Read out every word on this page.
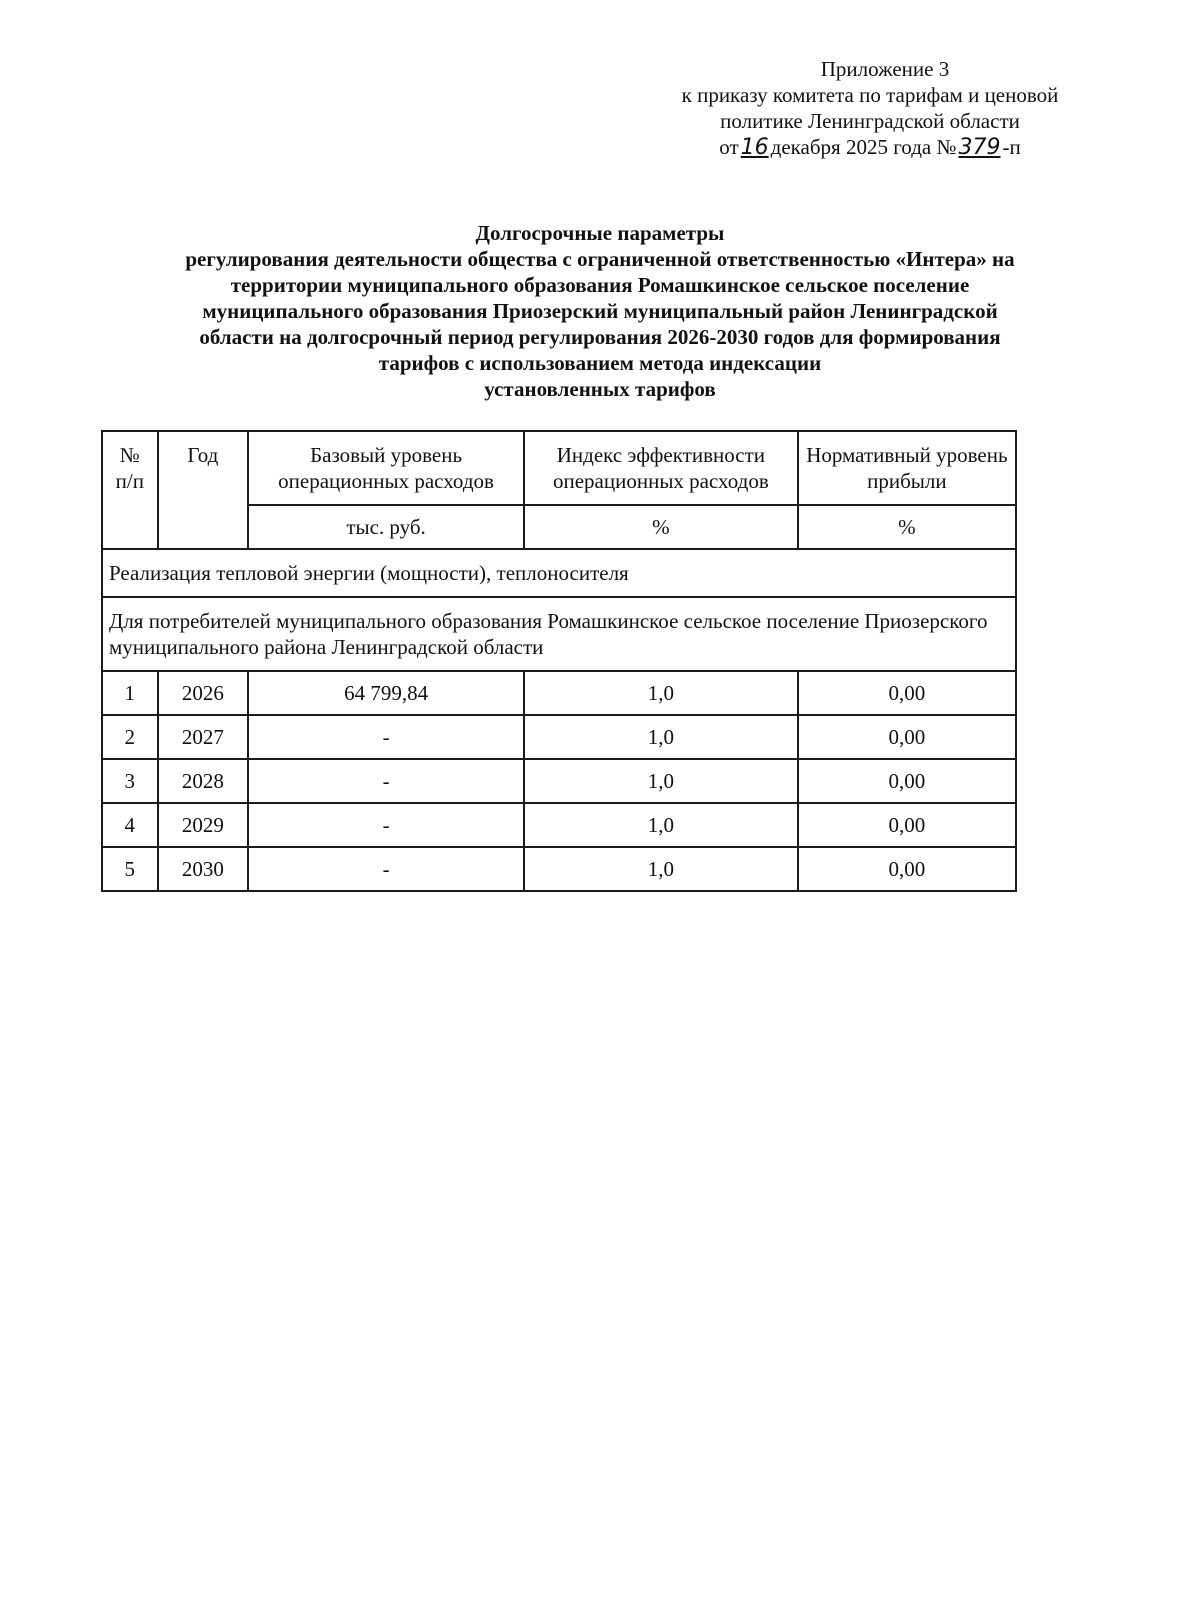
Приложение 3
к приказу комитета по тарифам и ценовой
политике Ленинградской области
от16декабря 2025 года №379-п
Долгосрочные параметры
регулирования деятельности общества с ограниченной ответственностью «Интера» на
территории муниципального образования Ромашкинское сельское поселение
муниципального образования Приозерский муниципальный район Ленинградской
области на долгосрочный период регулирования 2026-2030 годов для формирования
тарифов с использованием метода индексации
установленных тарифов
№ п/п	Год	Базовый уровень операционных расходов	Индекс эффективности операционных расходов	Нормативный уровень прибыли
		тыс. руб.	%	%
Реализация тепловой энергии (мощности), теплоносителя				
Для потребителей муниципального образования Ромашкинское сельское поселение Приозерского муниципального района Ленинградской области				
1	2026	64 799,84	1,0	0,00
2	2027	-	1,0	0,00
3	2028	-	1,0	0,00
4	2029	-	1,0	0,00
5	2030	-	1,0	0,00
